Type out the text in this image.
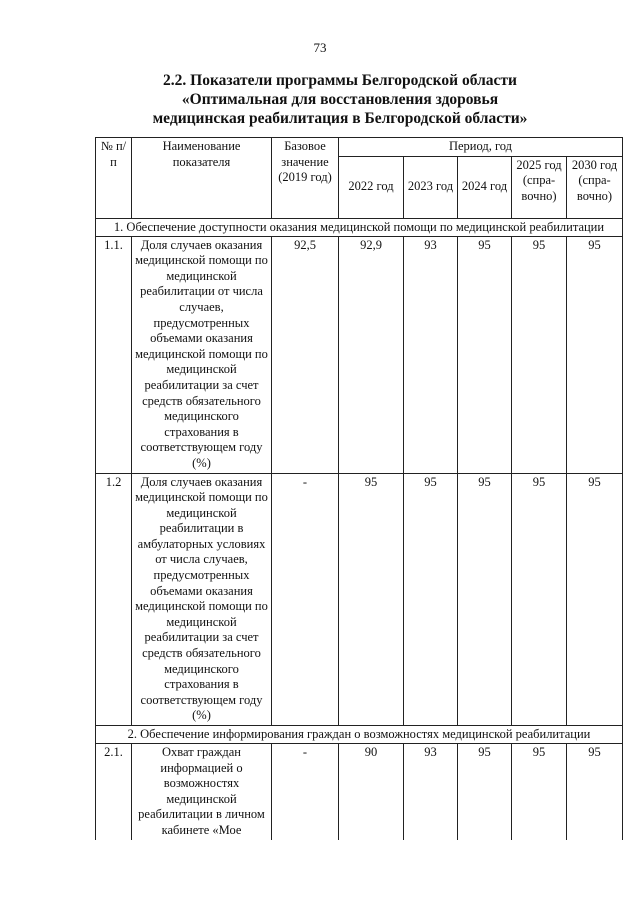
73
2.2. Показатели программы Белгородской области
«Оптимальная для восстановления здоровья
медицинская реабилитация в Белгородской области»
№ п/п	Наименование показателя	Базовое значение (2019 год)	Период, год				
			2022 год	2023 год	2024 год	2025 год (спра-вочно)	2030 год (спра-вочно)
1. Обеспечение доступности оказания медицинской помощи по медицинской реабилитации							
1.1.	Доля случаев оказания медицинской помощи по медицинской реабилитации от числа случаев, предусмотренных объемами оказания медицинской помощи по медицинской реабилитации за счет средств обязательного медицинского страхования в соответствующем году (%)	92,5	92,9	93	95	95	95
1.2	Доля случаев оказания медицинской помощи по медицинской реабилитации в амбулаторных условиях от числа случаев, предусмотренных объемами оказания медицинской помощи по медицинской реабилитации за счет средств обязательного медицинского страхования в соответствующем году (%)	-	95	95	95	95	95
2. Обеспечение информирования граждан о возможностях медицинской реабилитации							
2.1.	Охват граждан информацией о возможностях медицинской реабилитации в личном кабинете «Мое	-	90	93	95	95	95
